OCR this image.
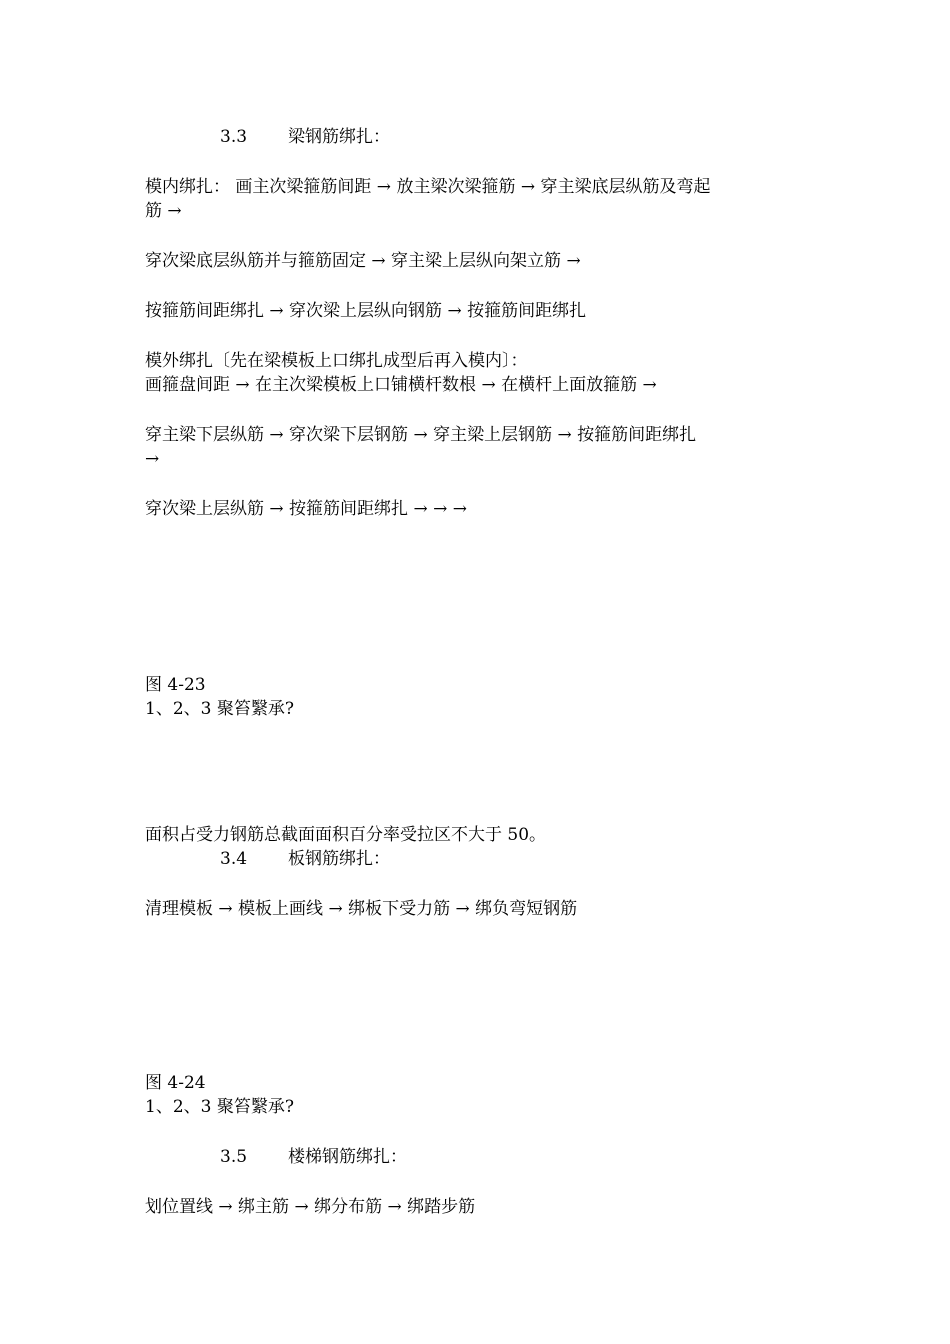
3.3 梁钢筋绑扎：
模内绑扎： 画主次梁箍筋间距 → 放主梁次梁箍筋 → 穿主梁底层纵筋及弯起
筋 →
穿次梁底层纵筋并与箍筋固定 → 穿主梁上层纵向架立筋 →
按箍筋间距绑扎 → 穿次梁上层纵向钢筋 → 按箍筋间距绑扎
模外绑扎〔先在梁模板上口绑扎成型后再入模内〕：
画箍盘间距 → 在主次梁模板上口铺横杆数根 → 在横杆上面放箍筋 →
穿主梁下层纵筋 → 穿次梁下层钢筋 → 穿主梁上层钢筋 → 按箍筋间距绑扎
→
穿次梁上层纵筋 → 按箍筋间距绑扎 → → →
图 4-23
1、2、3 聚笞繄承?
面积占受力钢筋总截面面积百分率受拉区不大于 50。
3.4 板钢筋绑扎：
清理模板 → 模板上画线 → 绑板下受力筋 → 绑负弯短钢筋
图 4-24
1、2、3 聚笞繄承?
3.5 楼梯钢筋绑扎：
划位置线 → 绑主筋 → 绑分布筋 → 绑踏步筋
